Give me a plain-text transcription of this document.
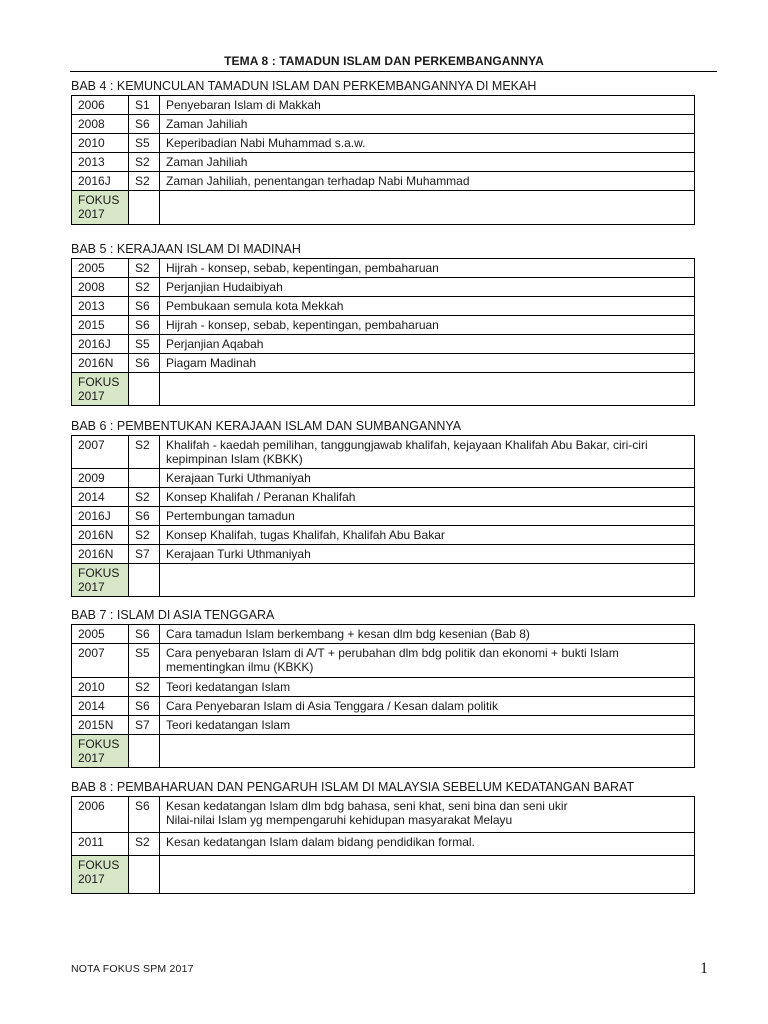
TEMA 8 : TAMADUN ISLAM DAN PERKEMBANGANNYA
BAB 4 : KEMUNCULAN TAMADUN ISLAM DAN PERKEMBANGANNYA DI MEKAH
2006	S1	Penyebaran Islam di Makkah
2008	S6	Zaman Jahiliah
2010	S5	Keperibadian Nabi Muhammad s.a.w.
2013	S2	Zaman Jahiliah
2016J	S2	Zaman Jahiliah, penentangan terhadap Nabi Muhammad
FOKUS 2017		
BAB 5 : KERAJAAN ISLAM DI MADINAH
2005	S2	Hijrah - konsep, sebab, kepentingan, pembaharuan
2008	S2	Perjanjian Hudaibiyah
2013	S6	Pembukaan semula kota Mekkah
2015	S6	Hijrah - konsep, sebab, kepentingan, pembaharuan
2016J	S5	Perjanjian Aqabah
2016N	S6	Piagam Madinah
FOKUS 2017		
BAB 6 : PEMBENTUKAN KERAJAAN ISLAM DAN SUMBANGANNYA
2007	S2	Khalifah - kaedah pemilihan, tanggungjawab khalifah, kejayaan Khalifah Abu Bakar, ciri-ciri kepimpinan Islam (KBKK)
2009		Kerajaan Turki Uthmaniyah
2014	S2	Konsep Khalifah / Peranan Khalifah
2016J	S6	Pertembungan tamadun
2016N	S2	Konsep Khalifah, tugas Khalifah, Khalifah Abu Bakar
2016N	S7	Kerajaan Turki Uthmaniyah
FOKUS 2017		
BAB 7 : ISLAM DI ASIA TENGGARA
2005	S6	Cara tamadun Islam berkembang + kesan dlm bdg kesenian (Bab 8)
2007	S5	Cara penyebaran Islam di A/T + perubahan dlm bdg politik dan ekonomi + bukti Islam mementingkan ilmu (KBKK)
2010	S2	Teori kedatangan Islam
2014	S6	Cara Penyebaran Islam di Asia Tenggara / Kesan dalam politik
2015N	S7	Teori kedatangan Islam
FOKUS 2017		
BAB 8 : PEMBAHARUAN DAN PENGARUH ISLAM DI MALAYSIA SEBELUM KEDATANGAN BARAT
2006	S6	Kesan kedatangan Islam dlm bdg bahasa, seni khat, seni bina dan seni ukir
Nilai-nilai Islam yg mempengaruhi kehidupan masyarakat Melayu

2011	S2	Kesan kedatangan Islam dalam bidang pendidikan formal.
FOKUS 2017		
NOTA FOKUS SPM 2017	1
